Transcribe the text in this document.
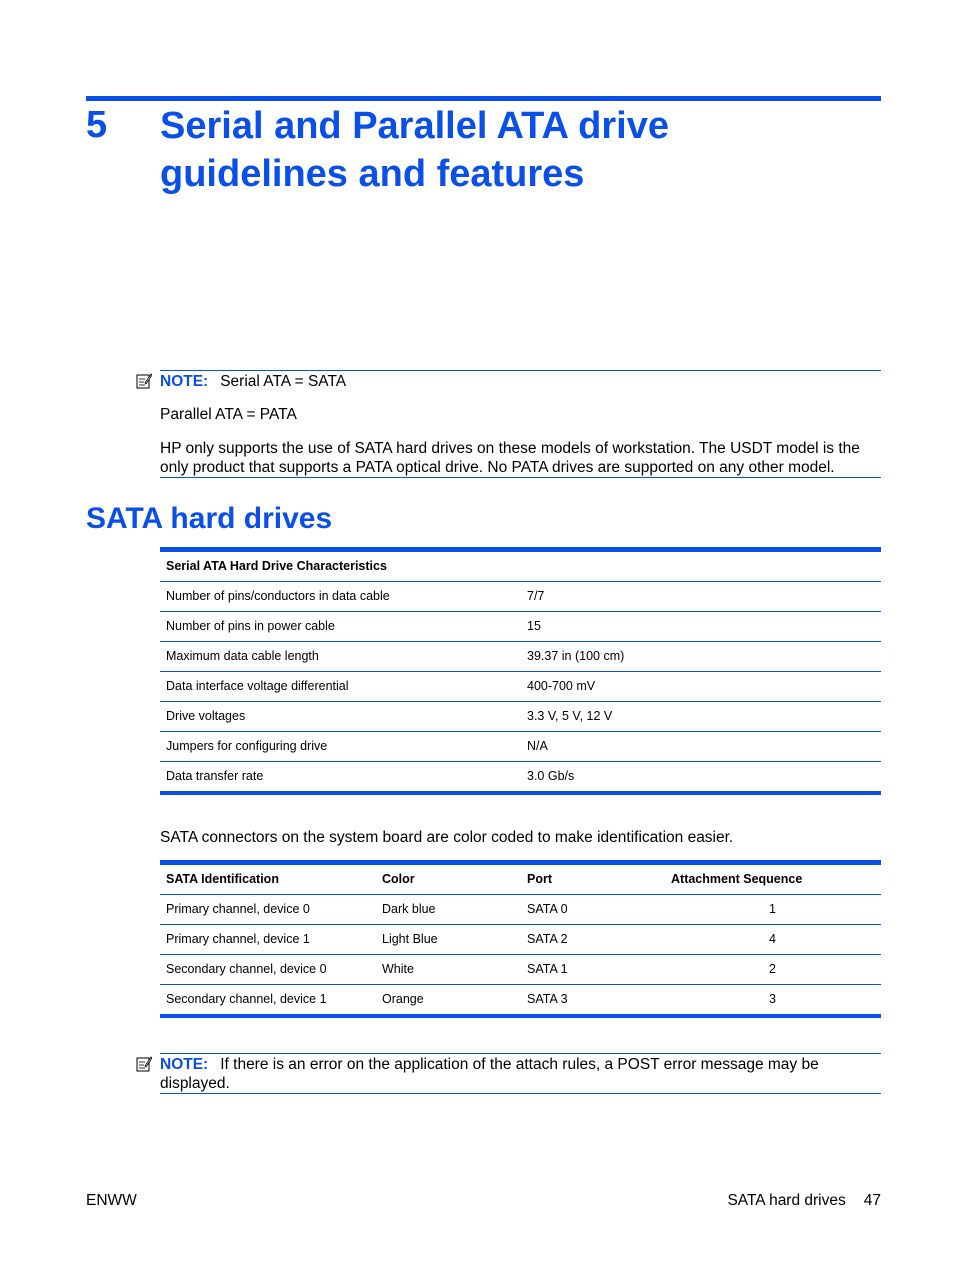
5 Serial and Parallel ATA drive guidelines and features

NOTE: Serial ATA = SATA

Parallel ATA = PATA

HP only supports the use of SATA hard drives on these models of workstation. The USDT model is the only product that supports a PATA optical drive. No PATA drives are supported on any other model.

SATA hard drives
Serial ATA Hard Drive Characteristics
Number of pins/conductors in data cable	7/7
Number of pins in power cable	15
Maximum data cable length	39.37 in (100 cm)
Data interface voltage differential	400-700 mV
Drive voltages	3.3 V, 5 V, 12 V
Jumpers for configuring drive	N/A
Data transfer rate	3.0 Gb/s
SATA connectors on the system board are color coded to make identification easier.
SATA Identification	Color	Port	Attachment Sequence
Primary channel, device 0	Dark blue	SATA 0	1
Primary channel, device 1	Light Blue	SATA 2	4
Secondary channel, device 0	White	SATA 1	2
Secondary channel, device 1	Orange	SATA 3	3

NOTE: If there is an error on the application of the attach rules, a POST error message may be displayed.

ENWW	SATA hard drives 47
